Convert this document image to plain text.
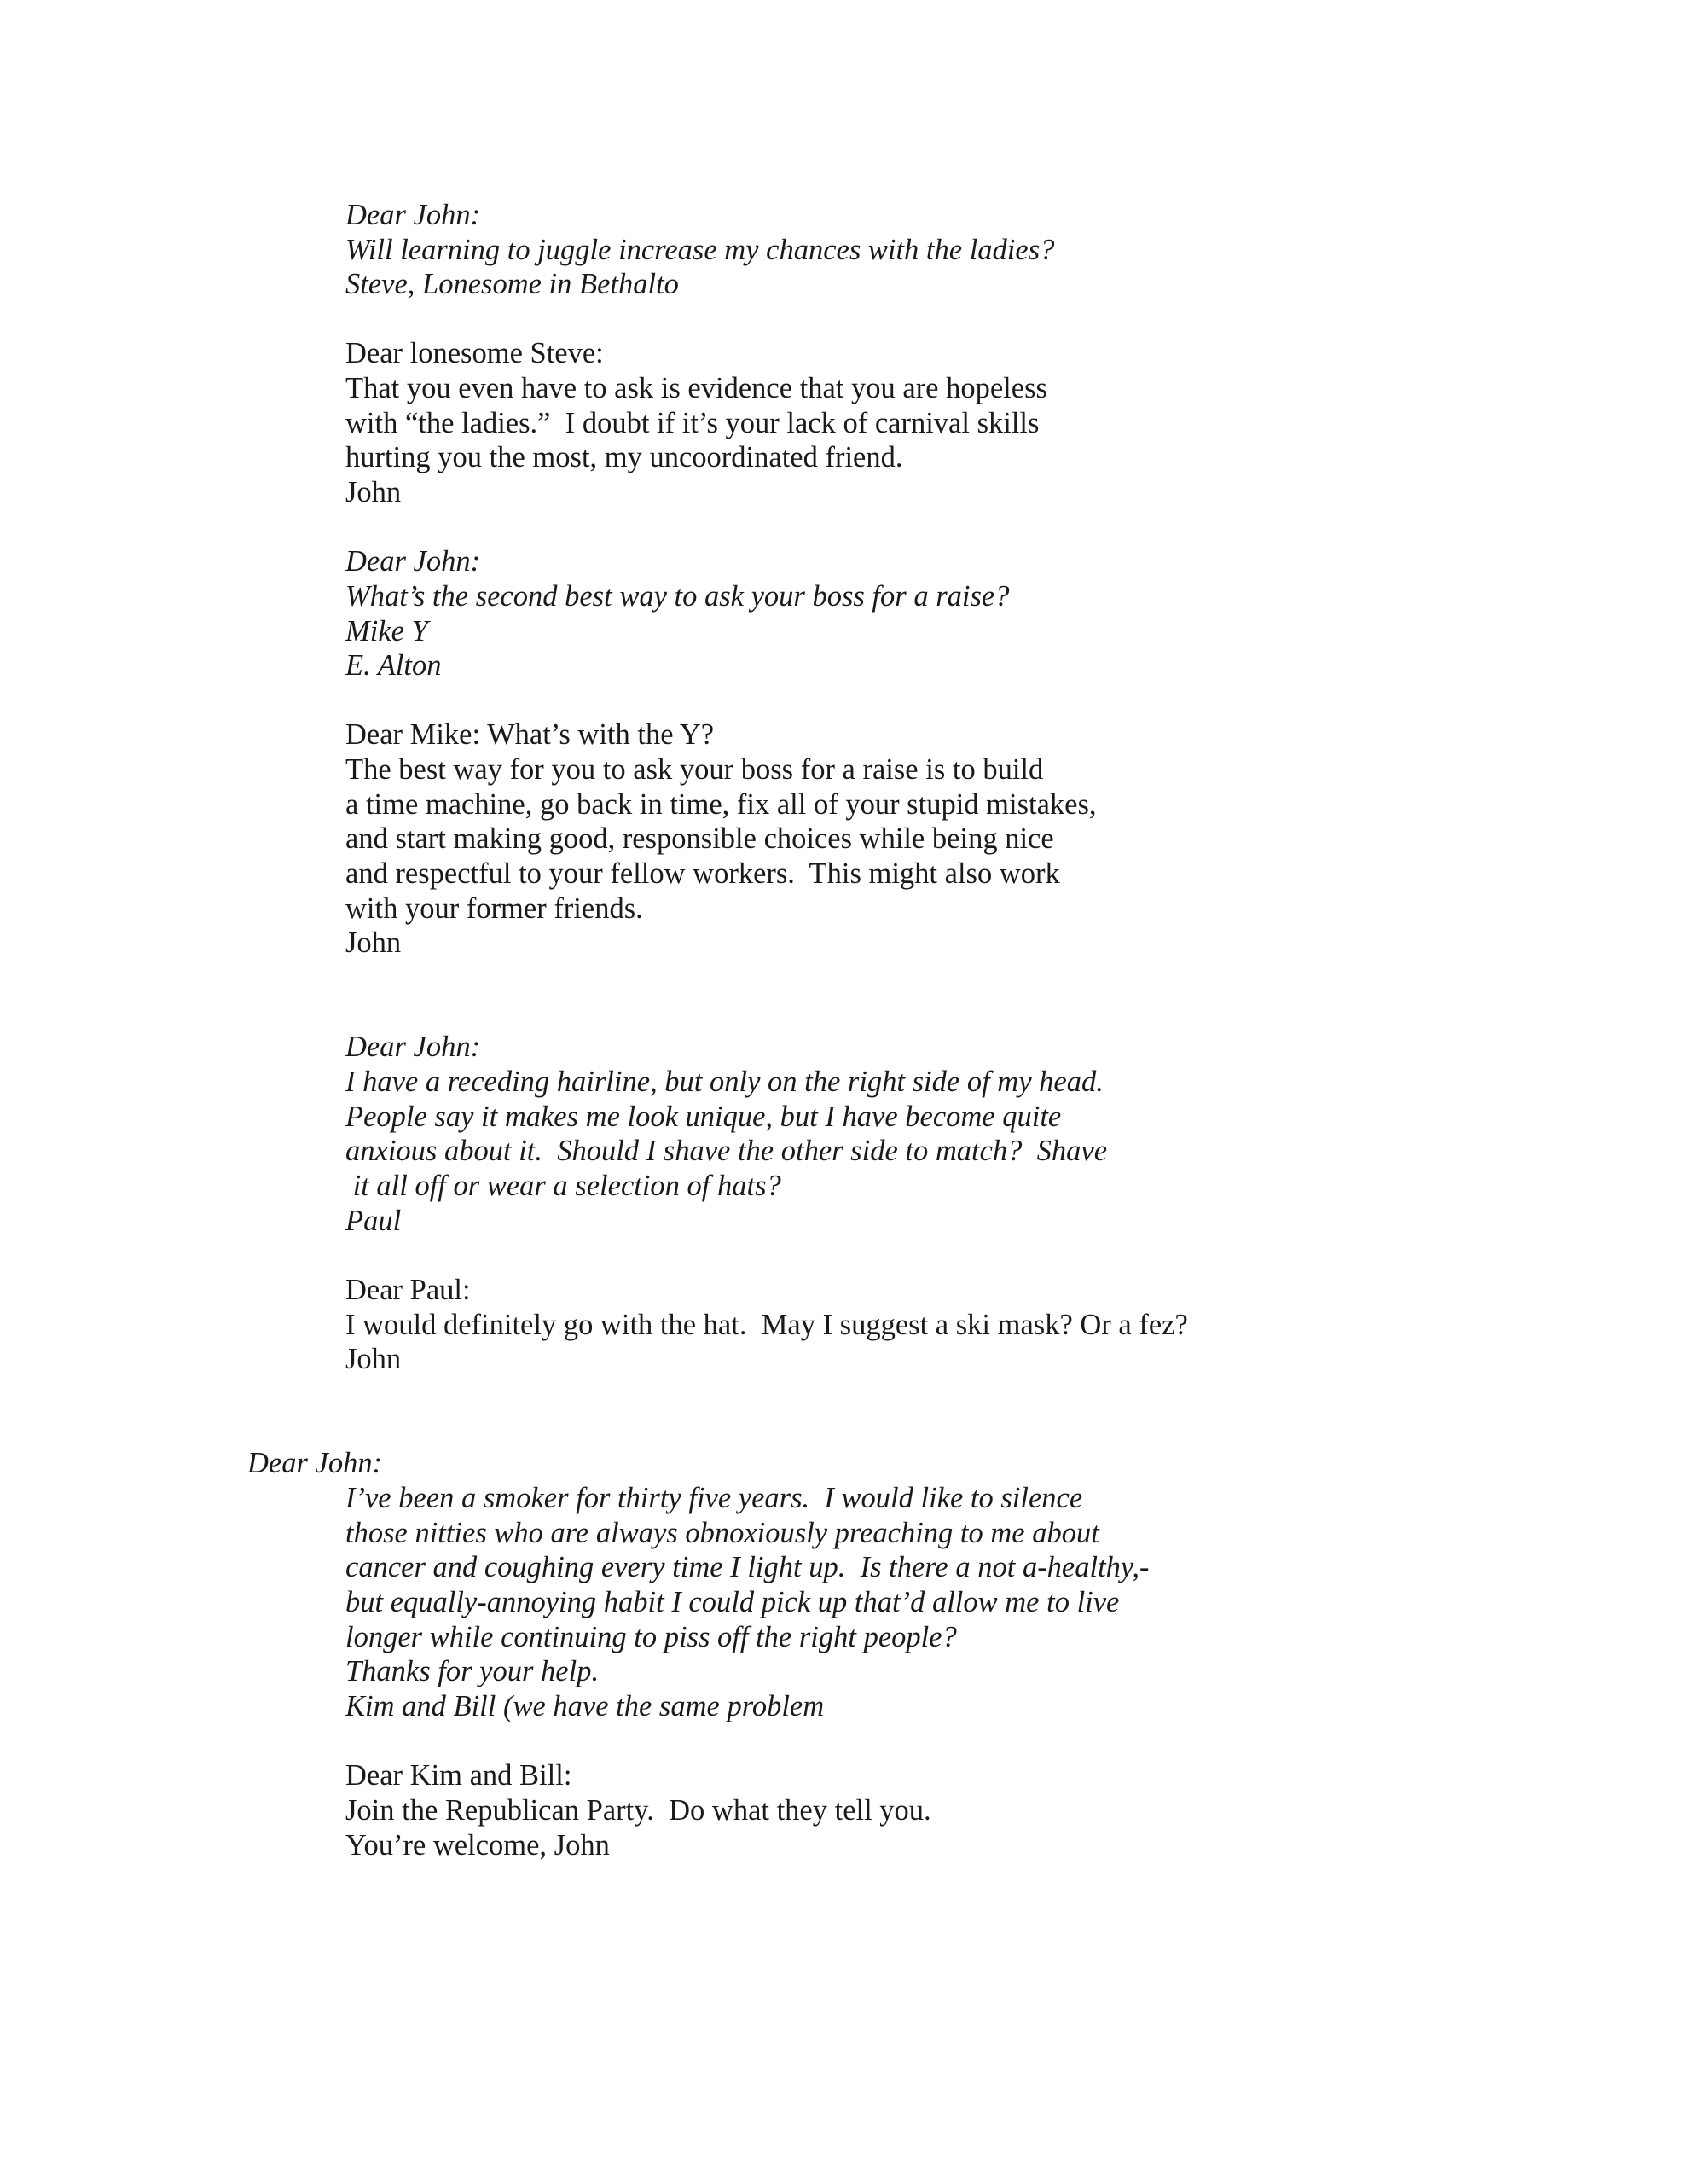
Dear John:

Will learning to juggle increase my chances with the ladies?

Steve, Lonesome in Bethalto

Dear lonesome Steve:

That you even have to ask is evidence that you are hopeless

with “the ladies.”  I doubt if it’s your lack of carnival skills

hurting you the most, my uncoordinated friend.

John

Dear John:

What’s the second best way to ask your boss for a raise?

Mike Y

E. Alton

Dear Mike: What’s with the Y?

The best way for you to ask your boss for a raise is to build

a time machine, go back in time, fix all of your stupid mistakes,

and start making good, responsible choices while being nice

and respectful to your fellow workers.  This might also work

with your former friends.

John

Dear John:

I have a receding hairline, but only on the right side of my head.

People say it makes me look unique, but I have become quite

anxious about it.  Should I shave the other side to match?  Shave

it all off or wear a selection of hats?

Paul

Dear Paul:

I would definitely go with the hat.  May I suggest a ski mask? Or a fez?

John

Dear John:

I’ve been a smoker for thirty five years.  I would like to silence

those nitties who are always obnoxiously preaching to me about

cancer and coughing every time I light up.  Is there a not a-healthy,-

but equally-annoying habit I could pick up that’d allow me to live

longer while continuing to piss off the right people?

Thanks for your help.

Kim and Bill (we have the same problem

Dear Kim and Bill:

Join the Republican Party.  Do what they tell you.

You’re welcome, John
